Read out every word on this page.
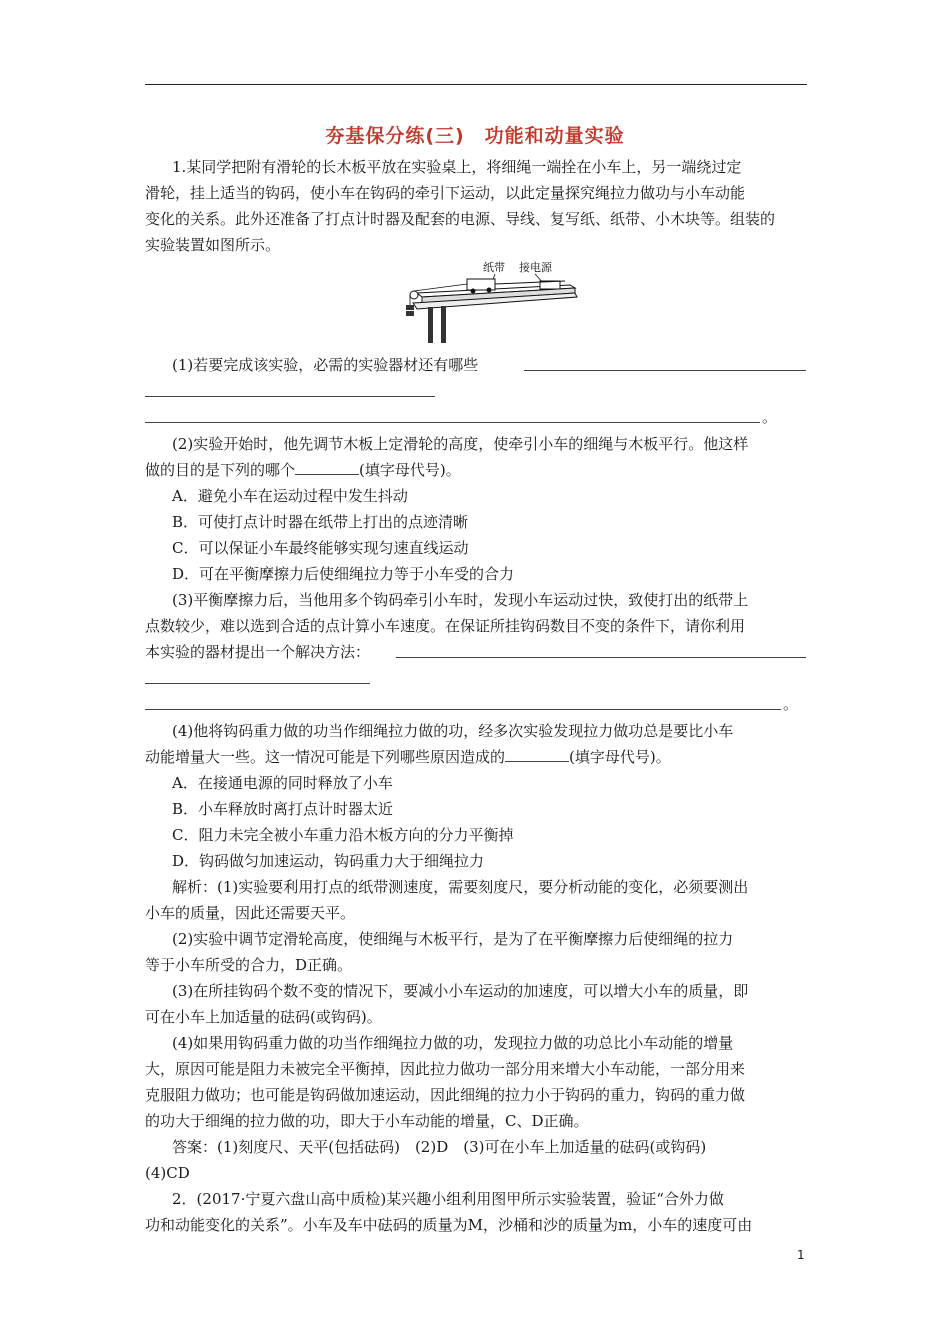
夯基保分练(三)　功能和动量实验
1.某同学把附有滑轮的长木板平放在实验桌上，将细绳一端拴在小车上，另一端绕过定
滑轮，挂上适当的钩码，使小车在钩码的牵引下运动，以此定量探究绳拉力做功与小车动能
变化的关系。此外还准备了打点计时器及配套的电源、导线、复写纸、纸带、小木块等。组装的
实验装置如图所示。
纸带 接电源
(1)若要完成该实验，必需的实验器材还有哪些
。
(2)实验开始时，他先调节木板上定滑轮的高度，使牵引小车的细绳与木板平行。他这样
做的目的是下列的哪个	(填字母代号)。
A．避免小车在运动过程中发生抖动
B．可使打点计时器在纸带上打出的点迹清晰
C．可以保证小车最终能够实现匀速直线运动
D．可在平衡摩擦力后使细绳拉力等于小车受的合力
(3)平衡摩擦力后，当他用多个钩码牵引小车时，发现小车运动过快，致使打出的纸带上
点数较少，难以选到合适的点计算小车速度。在保证所挂钩码数目不变的条件下，请你利用
本实验的器材提出一个解决方法：
。
(4)他将钩码重力做的功当作细绳拉力做的功，经多次实验发现拉力做功总是要比小车
动能增量大一些。这一情况可能是下列哪些原因造成的	(填字母代号)。
A．在接通电源的同时释放了小车
B．小车释放时离打点计时器太近
C．阻力未完全被小车重力沿木板方向的分力平衡掉
D．钩码做匀加速运动，钩码重力大于细绳拉力
解析：(1)实验要利用打点的纸带测速度，需要刻度尺，要分析动能的变化，必须要测出
小车的质量，因此还需要天平。
(2)实验中调节定滑轮高度，使细绳与木板平行，是为了在平衡摩擦力后使细绳的拉力
等于小车所受的合力，D正确。
(3)在所挂钩码个数不变的情况下，要减小小车运动的加速度，可以增大小车的质量，即
可在小车上加适量的砝码(或钩码)。
(4)如果用钩码重力做的功当作细绳拉力做的功，发现拉力做的功总比小车动能的增量
大，原因可能是阻力未被完全平衡掉，因此拉力做功一部分用来增大小车动能，一部分用来
克服阻力做功；也可能是钩码做加速运动，因此细绳的拉力小于钩码的重力，钩码的重力做
的功大于细绳的拉力做的功，即大于小车动能的增量，C、D正确。
答案：(1)刻度尺、天平(包括砝码)　(2)D　(3)可在小车上加适量的砝码(或钩码)
(4)CD
2．(2017·宁夏六盘山高中质检)某兴趣小组利用图甲所示实验装置，验证“合外力做
功和动能变化的关系”。小车及车中砝码的质量为M，沙桶和沙的质量为m，小车的速度可由
1
